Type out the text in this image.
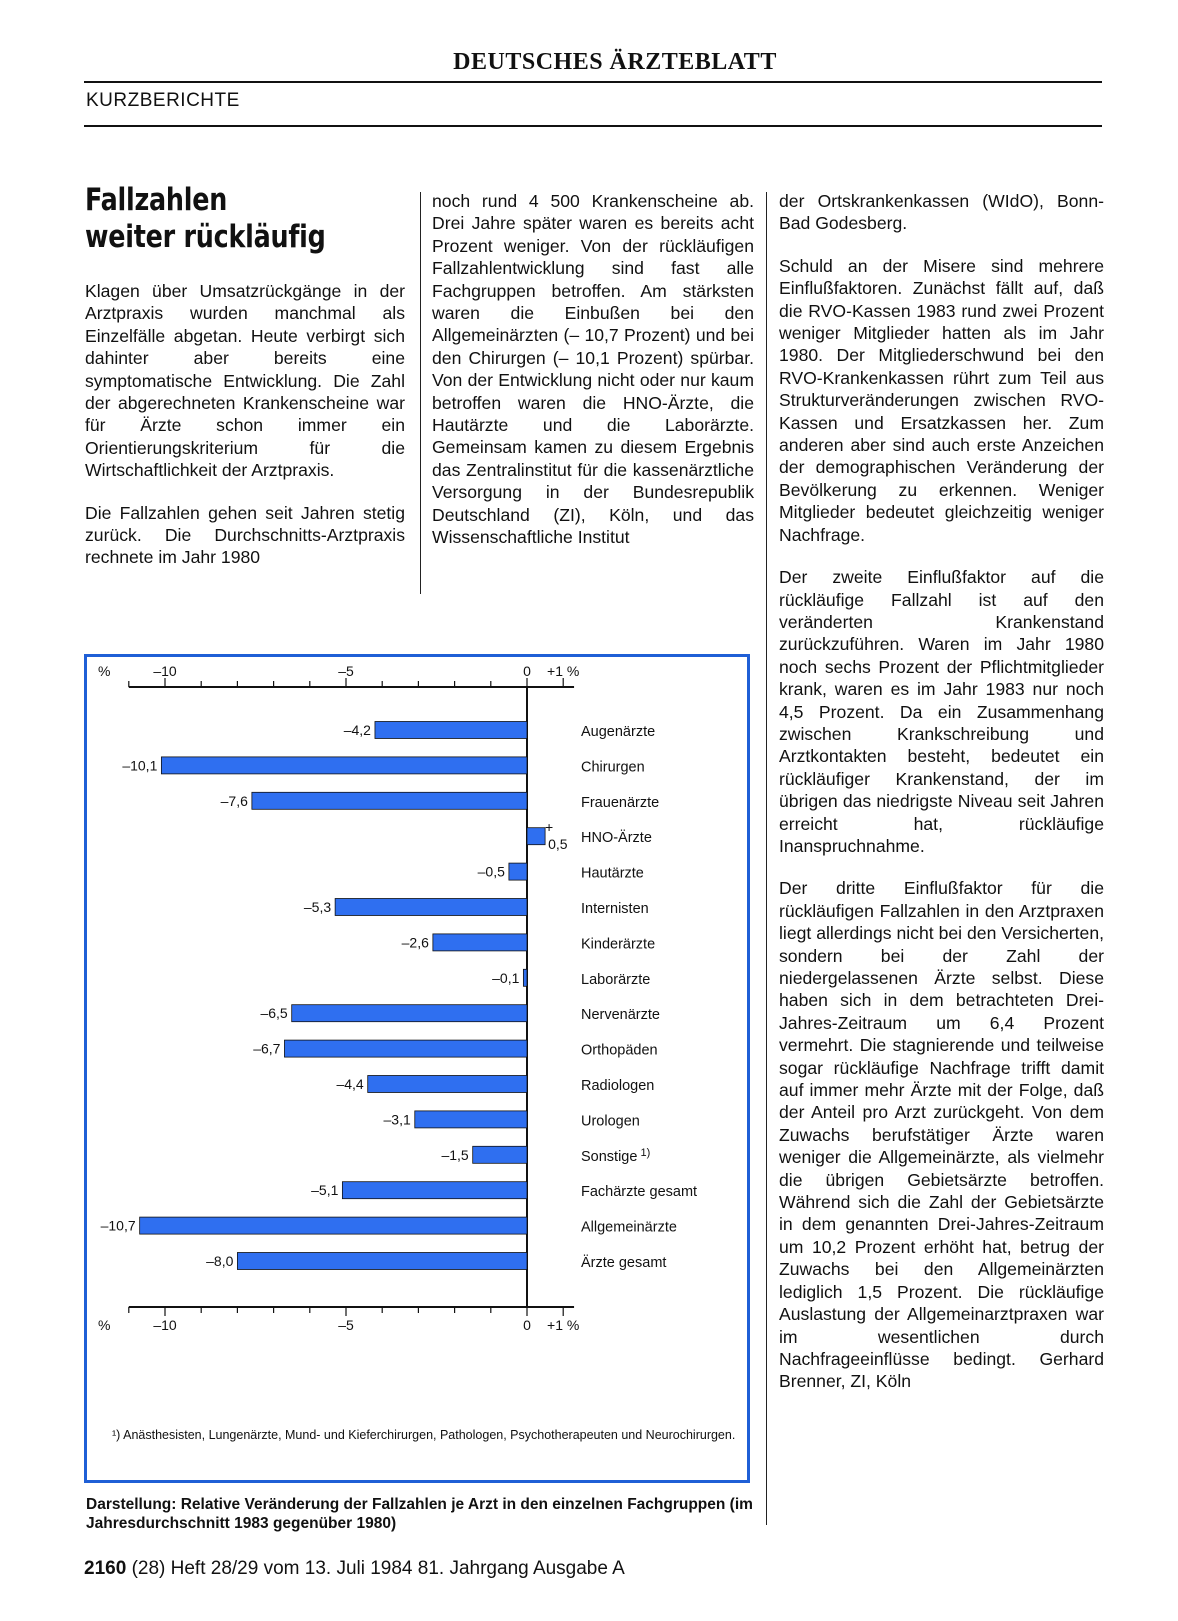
DEUTSCHES ÄRZTEBLATT
KURZBERICHTE
Fallzahlen
weiter rückläufig

Klagen über Umsatzrückgänge in der Arztpraxis wurden manchmal als Einzelfälle abgetan. Heute verbirgt sich dahinter aber bereits eine symptomatische Entwicklung. Die Zahl der abgerechneten Krankenscheine war für Ärzte schon immer ein Orientierungskriterium für die Wirtschaftlichkeit der Arztpraxis.

Die Fallzahlen gehen seit Jahren stetig zurück. Die Durchschnitts-Arztpraxis rechnete im Jahr 1980

noch rund 4 500 Krankenscheine ab. Drei Jahre später waren es bereits acht Prozent weniger. Von der rückläufigen Fallzahlentwicklung sind fast alle Fachgruppen betroffen. Am stärksten waren die Einbußen bei den Allgemeinärzten (– 10,7 Prozent) und bei den Chirurgen (– 10,1 Prozent) spürbar. Von der Entwicklung nicht oder nur kaum betroffen waren die HNO-Ärzte, die Hautärzte und die Laborärzte. Gemeinsam kamen zu diesem Ergebnis das Zentralinstitut für die kassenärztliche Versorgung in der Bundesrepublik Deutschland (ZI), Köln, und das Wissenschaftliche Institut

der Ortskrankenkassen (WIdO), Bonn-Bad Godesberg.

Schuld an der Misere sind mehrere Einflußfaktoren. Zunächst fällt auf, daß die RVO-Kassen 1983 rund zwei Prozent weniger Mitglieder hatten als im Jahr 1980. Der Mitgliederschwund bei den RVO-Krankenkassen rührt zum Teil aus Strukturveränderungen zwischen RVO-Kassen und Ersatzkassen her. Zum anderen aber sind auch erste Anzeichen der demographischen Veränderung der Bevölkerung zu erkennen. Weniger Mitglieder bedeutet gleichzeitig weniger Nachfrage.

Der zweite Einflußfaktor auf die rückläufige Fallzahl ist auf den veränderten Krankenstand zurückzuführen. Waren im Jahr 1980 noch sechs Prozent der Pflichtmitglieder krank, waren es im Jahr 1983 nur noch 4,5 Prozent. Da ein Zusammenhang zwischen Krankschreibung und Arztkontakten besteht, bedeutet ein rückläufiger Krankenstand, der im übrigen das niedrigste Niveau seit Jahren erreicht hat, rückläufige Inanspruchnahme.

Der dritte Einflußfaktor für die rückläufigen Fallzahlen in den Arztpraxen liegt allerdings nicht bei den Versicherten, sondern bei der Zahl der niedergelassenen Ärzte selbst. Diese haben sich in dem betrachteten Drei-Jahres-Zeitraum um 6,4 Prozent vermehrt. Die stagnierende und teilweise sogar rückläufige Nachfrage trifft damit auf immer mehr Ärzte mit der Folge, daß der Anteil pro Arzt zurückgeht. Von dem Zuwachs berufstätiger Ärzte waren weniger die Allgemeinärzte, als vielmehr die übrigen Gebietsärzte betroffen. Während sich die Zahl der Gebietsärzte in dem genannten Drei-Jahres-Zeitraum um 10,2 Prozent erhöht hat, betrug der Zuwachs bei den Allgemeinärzten lediglich 1,5 Prozent. Die rückläufige Auslastung der Allgemeinarztpraxen war im wesentlichen durch Nachfrageeinflüsse bedingt. Gerhard Brenner, ZI, Köln

%	–10	–5	0 +1 %
%	–10	–5	0 +1 %
–4,2	Augenärzte
–10,1	Chirurgen
–7,6	Frauenärzte
+
0,5 HNO-Ärzte
–0,5	Hautärzte
–5,3	Internisten
–2,6	Kinderärzte
–0,1	Laborärzte
–6,5	Nervenärzte
–6,7	Orthopäden
–4,4	Radiologen
–3,1	Urologen
–1,5	Sonstige $^{1)}$
–5,1	Fachärzte gesamt
–10,7	Allgemeinärzte
–8,0	Ärzte gesamt
¹) Anästhesisten, Lungenärzte, Mund- und Kieferchirurgen, Pathologen, Psychotherapeuten und Neurochirurgen.
Darstellung: Relative Veränderung der Fallzahlen je Arzt in den einzelnen Fachgruppen (im Jahresdurchschnitt 1983 gegenüber 1980)
2160 (28) Heft 28/29 vom 13. Juli 1984 81. Jahrgang Ausgabe A
